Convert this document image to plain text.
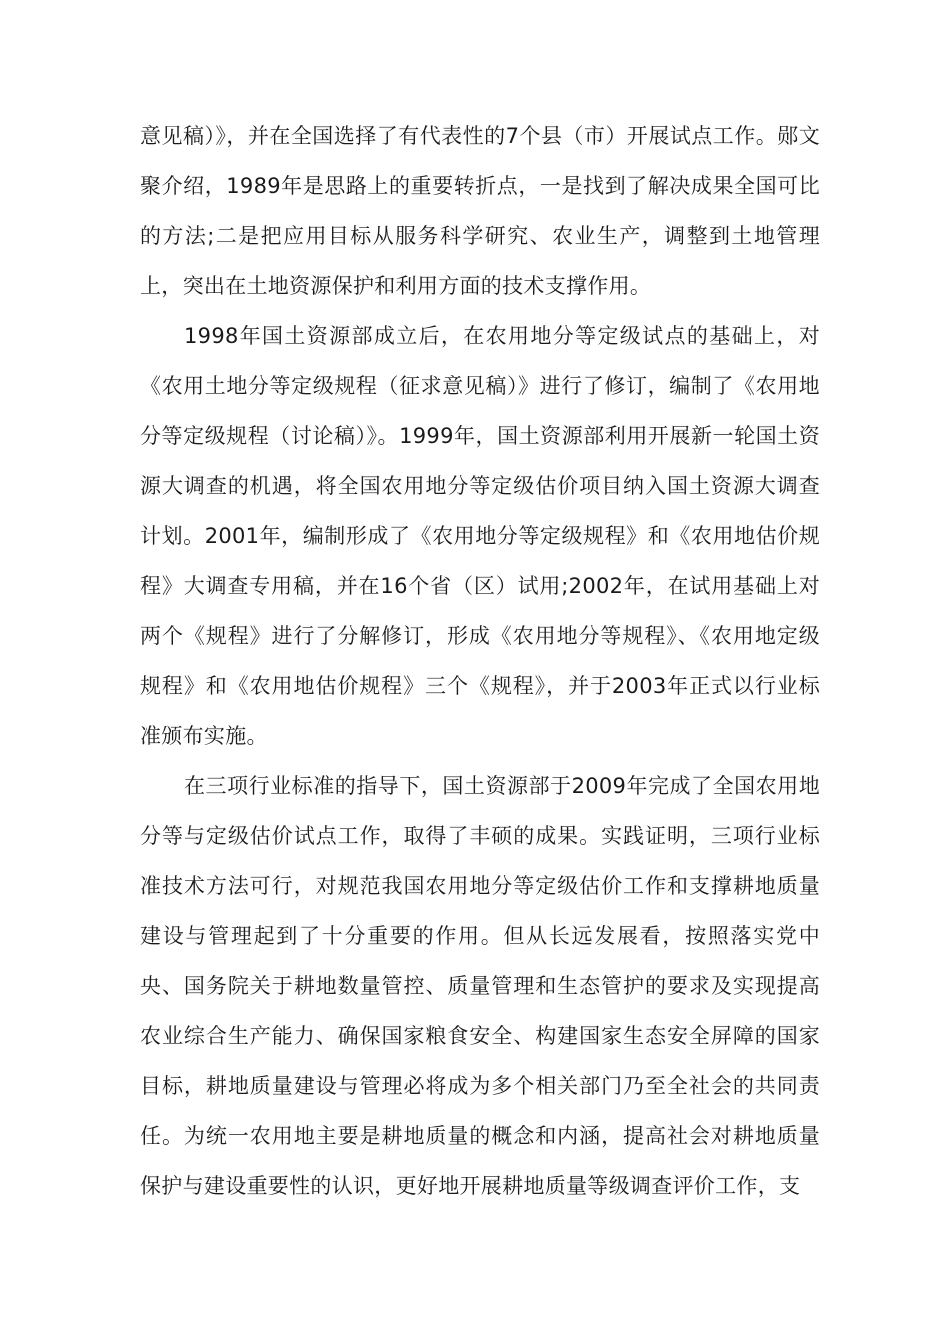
意见稿）》，并在全国选择了有代表性的7个县（市）开展试点工作。郧文聚介绍，1989年是思路上的重要转折点，一是找到了解决成果全国可比的方法;二是把应用目标从服务科学研究、农业生产，调整到土地管理上，突出在土地资源保护和利用方面的技术支撑作用。

1998年国土资源部成立后，在农用地分等定级试点的基础上，对《农用土地分等定级规程（征求意见稿）》进行了修订，编制了《农用地分等定级规程（讨论稿）》。1999年，国土资源部利用开展新一轮国土资源大调查的机遇，将全国农用地分等定级估价项目纳入国土资源大调查计划。2001年，编制形成了《农用地分等定级规程》和《农用地估价规程》大调查专用稿，并在16个省（区）试用;2002年，在试用基础上对两个《规程》进行了分解修订，形成《农用地分等规程》、《农用地定级规程》和《农用地估价规程》三个《规程》，并于2003年正式以行业标准颁布实施。

在三项行业标准的指导下，国土资源部于2009年完成了全国农用地分等与定级估价试点工作，取得了丰硕的成果。实践证明，三项行业标准技术方法可行，对规范我国农用地分等定级估价工作和支撑耕地质量建设与管理起到了十分重要的作用。但从长远发展看，按照落实党中央、国务院关于耕地数量管控、质量管理和生态管护的要求及实现提高农业综合生产能力、确保国家粮食安全、构建国家生态安全屏障的国家目标，耕地质量建设与管理必将成为多个相关部门乃至全社会的共同责任。为统一农用地主要是耕地质量的概念和内涵，提高社会对耕地质量保护与建设重要性的认识，更好地开展耕地质量等级调查评价工作，支
